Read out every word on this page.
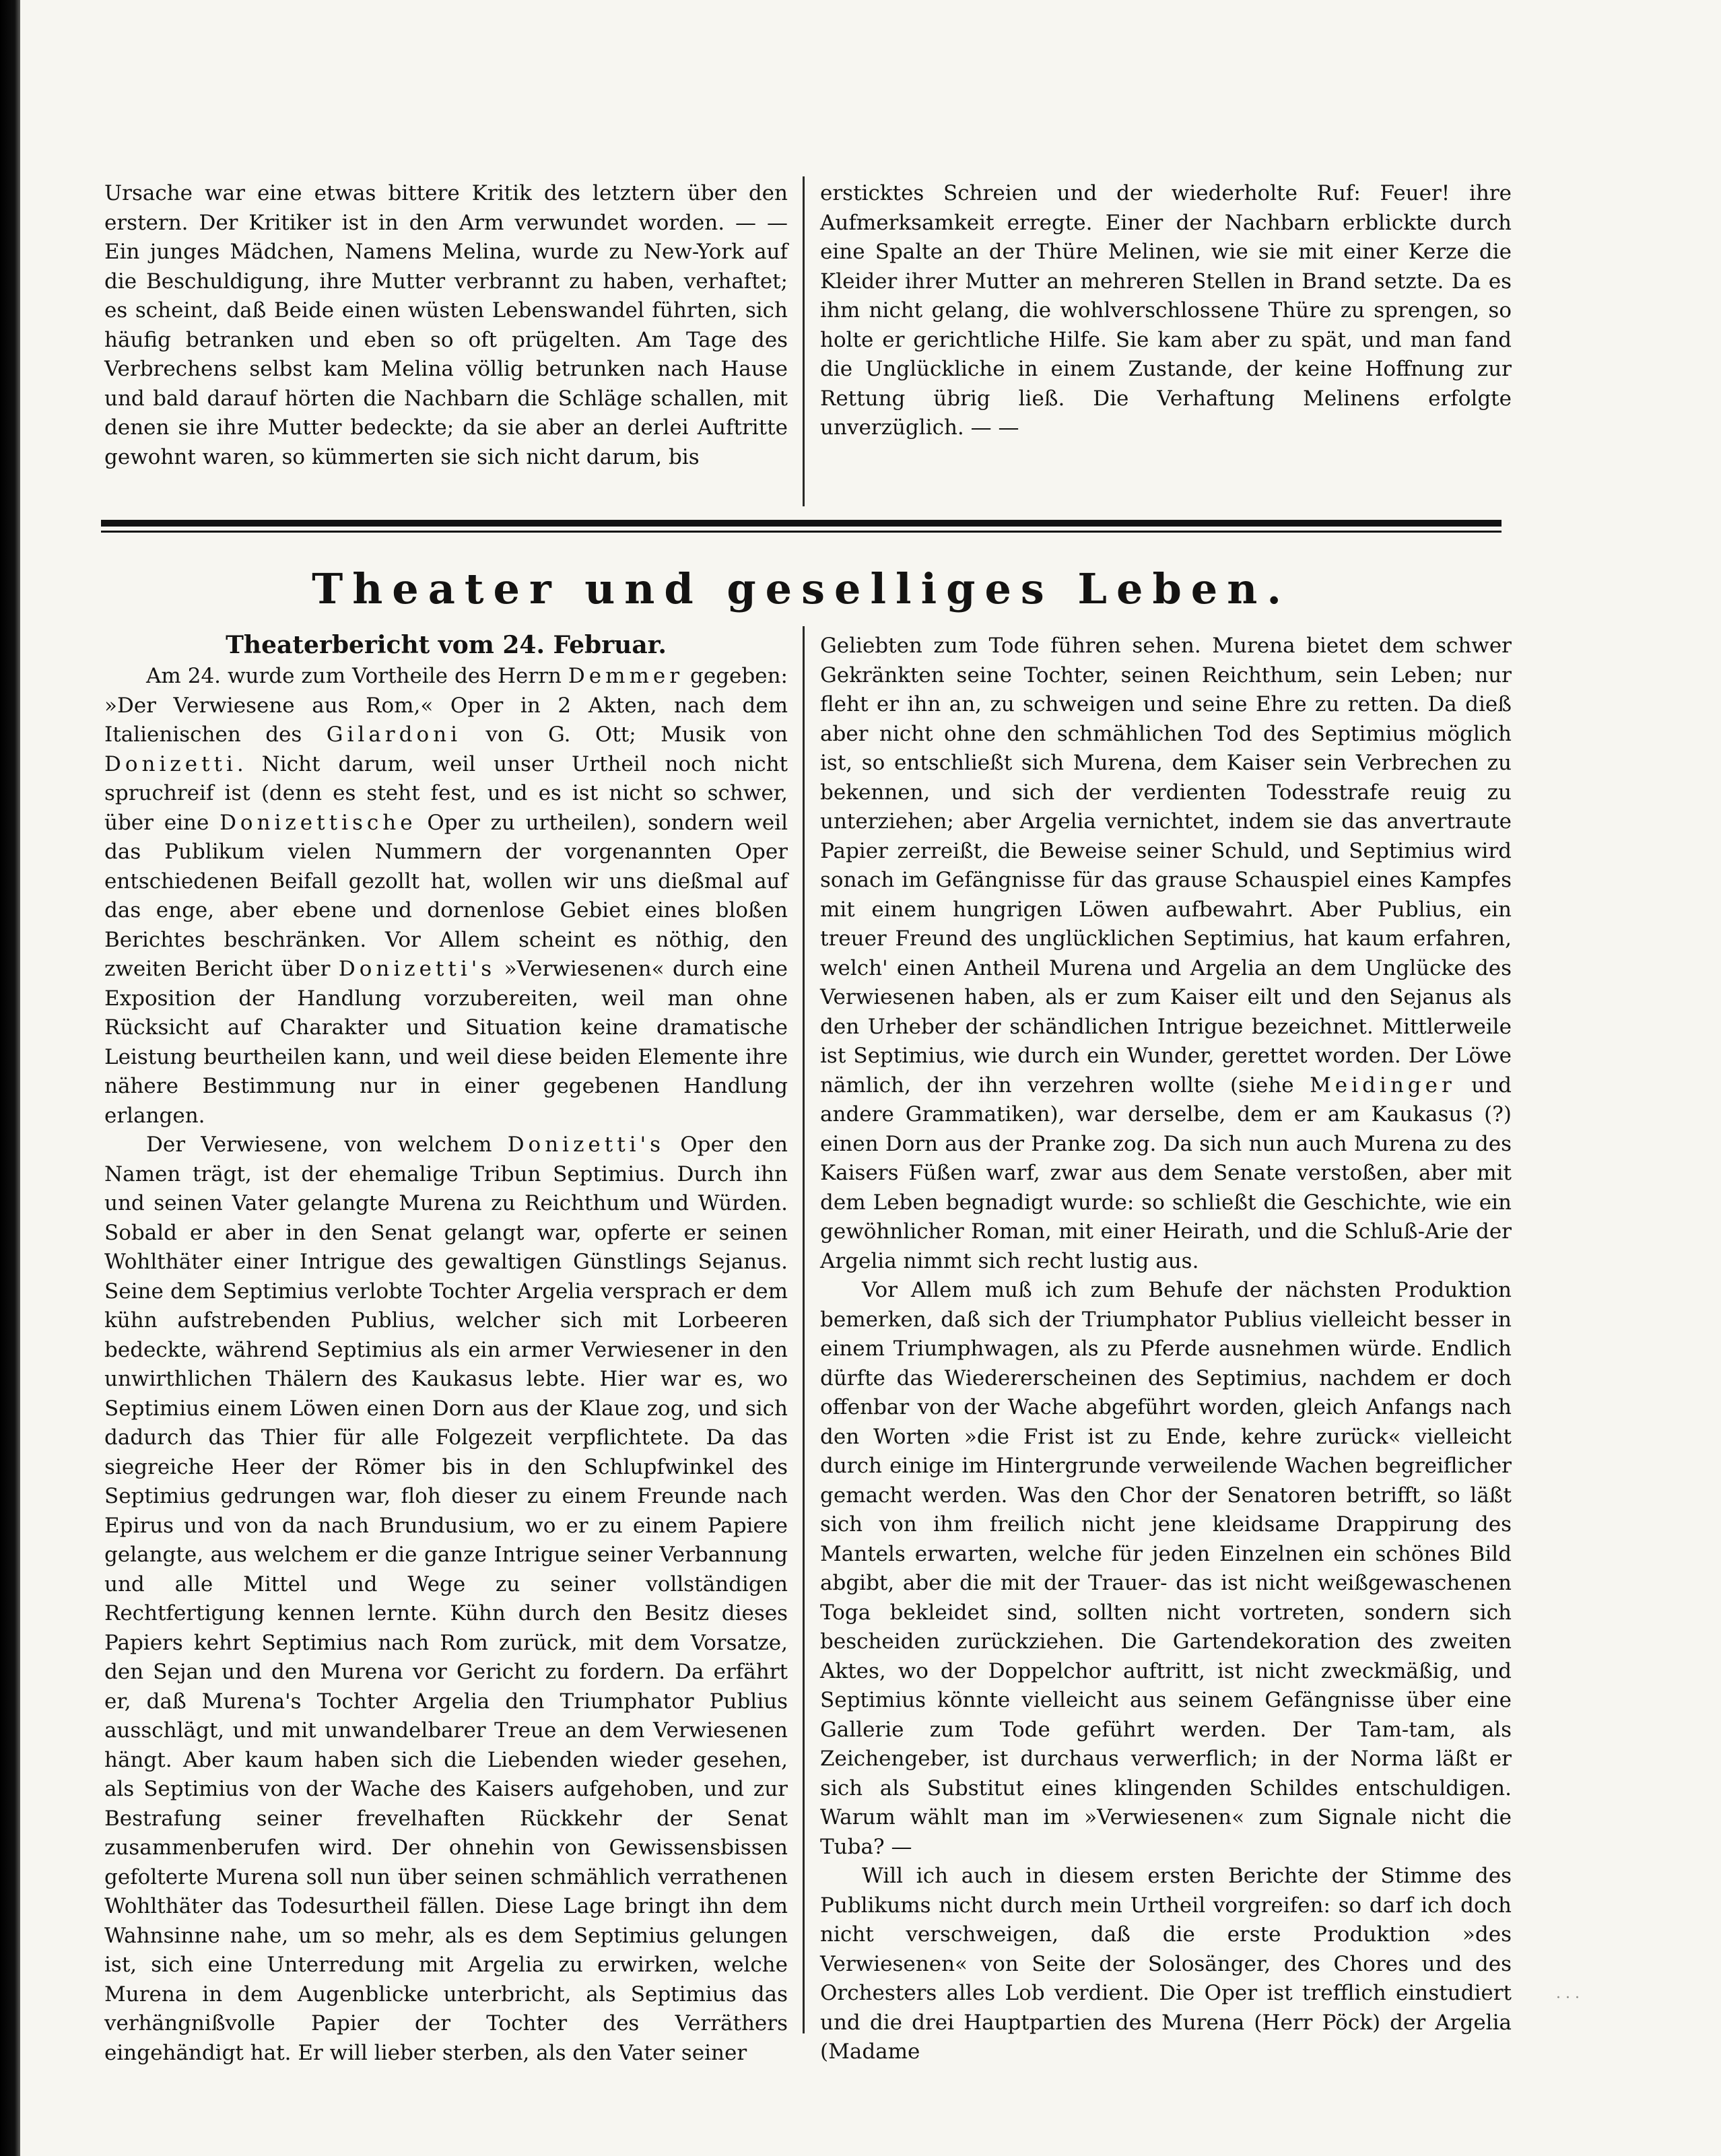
Ursache war eine etwas bittere Kritik des letztern über den erstern. Der Kritiker ist in den Arm verwundet worden. — — Ein junges Mädchen, Namens Melina, wurde zu New-York auf die Beschuldigung, ihre Mutter verbrannt zu haben, verhaftet; es scheint, daß Beide einen wüsten Lebenswandel führten, sich häufig betranken und eben so oft prügelten. Am Tage des Verbrechens selbst kam Melina völlig betrunken nach Hause und bald darauf hörten die Nachbarn die Schläge schallen, mit denen sie ihre Mutter bedeckte; da sie aber an derlei Auftritte gewohnt waren, so kümmerten sie sich nicht darum, bis

ersticktes Schreien und der wiederholte Ruf: Feuer! ihre Aufmerksamkeit erregte. Einer der Nachbarn erblickte durch eine Spalte an der Thüre Melinen, wie sie mit einer Kerze die Kleider ihrer Mutter an mehreren Stellen in Brand setzte. Da es ihm nicht gelang, die wohlverschlossene Thüre zu sprengen, so holte er gerichtliche Hilfe. Sie kam aber zu spät, und man fand die Unglückliche in einem Zustande, der keine Hoffnung zur Rettung übrig ließ. Die Verhaftung Melinens erfolgte unverzüglich. — —

Theater und geselliges Leben.
Theaterbericht vom 24. Februar.

Am 24. wurde zum Vortheile des Herrn Demmer gegeben: »Der Verwiesene aus Rom,« Oper in 2 Akten, nach dem Italienischen des Gilardoni von G. Ott; Musik von Donizetti. Nicht darum, weil unser Urtheil noch nicht spruchreif ist (denn es steht fest, und es ist nicht so schwer, über eine Donizettische Oper zu urtheilen), sondern weil das Publikum vielen Nummern der vorgenannten Oper entschiedenen Beifall gezollt hat, wollen wir uns dießmal auf das enge, aber ebene und dornenlose Gebiet eines bloßen Berichtes beschränken. Vor Allem scheint es nöthig, den zweiten Bericht über Donizetti's »Verwiesenen« durch eine Exposition der Handlung vorzubereiten, weil man ohne Rücksicht auf Charakter und Situation keine dramatische Leistung beurtheilen kann, und weil diese beiden Elemente ihre nähere Bestimmung nur in einer gegebenen Handlung erlangen.

Der Verwiesene, von welchem Donizetti's Oper den Namen trägt, ist der ehemalige Tribun Septimius. Durch ihn und seinen Vater gelangte Murena zu Reichthum und Würden. Sobald er aber in den Senat gelangt war, opferte er seinen Wohlthäter einer Intrigue des gewaltigen Günstlings Sejanus. Seine dem Septimius verlobte Tochter Argelia versprach er dem kühn aufstrebenden Publius, welcher sich mit Lorbeeren bedeckte, während Septimius als ein armer Verwiesener in den unwirthlichen Thälern des Kaukasus lebte. Hier war es, wo Septimius einem Löwen einen Dorn aus der Klaue zog, und sich dadurch das Thier für alle Folgezeit verpflichtete. Da das siegreiche Heer der Römer bis in den Schlupfwinkel des Septimius gedrungen war, floh dieser zu einem Freunde nach Epirus und von da nach Brundusium, wo er zu einem Papiere gelangte, aus welchem er die ganze Intrigue seiner Verbannung und alle Mittel und Wege zu seiner vollständigen Rechtfertigung kennen lernte. Kühn durch den Besitz dieses Papiers kehrt Septimius nach Rom zurück, mit dem Vorsatze, den Sejan und den Murena vor Gericht zu fordern. Da erfährt er, daß Murena's Tochter Argelia den Triumphator Publius ausschlägt, und mit unwandelbarer Treue an dem Verwiesenen hängt. Aber kaum haben sich die Liebenden wieder gesehen, als Septimius von der Wache des Kaisers aufgehoben, und zur Bestrafung seiner frevelhaften Rückkehr der Senat zusammenberufen wird. Der ohnehin von Gewissensbissen gefolterte Murena soll nun über seinen schmählich verrathenen Wohlthäter das Todesurtheil fällen. Diese Lage bringt ihn dem Wahnsinne nahe, um so mehr, als es dem Septimius gelungen ist, sich eine Unterredung mit Argelia zu erwirken, welche Murena in dem Augenblicke unterbricht, als Septimius das verhängnißvolle Papier der Tochter des Verräthers eingehändigt hat. Er will lieber sterben, als den Vater seiner

Geliebten zum Tode führen sehen. Murena bietet dem schwer Gekränkten seine Tochter, seinen Reichthum, sein Leben; nur fleht er ihn an, zu schweigen und seine Ehre zu retten. Da dieß aber nicht ohne den schmählichen Tod des Septimius möglich ist, so entschließt sich Murena, dem Kaiser sein Verbrechen zu bekennen, und sich der verdienten Todesstrafe reuig zu unterziehen; aber Argelia vernichtet, indem sie das anvertraute Papier zerreißt, die Beweise seiner Schuld, und Septimius wird sonach im Gefängnisse für das grause Schauspiel eines Kampfes mit einem hungrigen Löwen aufbewahrt. Aber Publius, ein treuer Freund des unglücklichen Septimius, hat kaum erfahren, welch' einen Antheil Murena und Argelia an dem Unglücke des Verwiesenen haben, als er zum Kaiser eilt und den Sejanus als den Urheber der schändlichen Intrigue bezeichnet. Mittlerweile ist Septimius, wie durch ein Wunder, gerettet worden. Der Löwe nämlich, der ihn verzehren wollte (siehe Meidinger und andere Grammatiken), war derselbe, dem er am Kaukasus (?) einen Dorn aus der Pranke zog. Da sich nun auch Murena zu des Kaisers Füßen warf, zwar aus dem Senate verstoßen, aber mit dem Leben begnadigt wurde: so schließt die Geschichte, wie ein gewöhnlicher Roman, mit einer Heirath, und die Schluß-Arie der Argelia nimmt sich recht lustig aus.

Vor Allem muß ich zum Behufe der nächsten Produktion bemerken, daß sich der Triumphator Publius vielleicht besser in einem Triumphwagen, als zu Pferde ausnehmen würde. Endlich dürfte das Wiedererscheinen des Septimius, nachdem er doch offenbar von der Wache abgeführt worden, gleich Anfangs nach den Worten »die Frist ist zu Ende, kehre zurück« vielleicht durch einige im Hintergrunde verweilende Wachen begreiflicher gemacht werden. Was den Chor der Senatoren betrifft, so läßt sich von ihm freilich nicht jene kleidsame Drappirung des Mantels erwarten, welche für jeden Einzelnen ein schönes Bild abgibt, aber die mit der Trauer- das ist nicht weißgewaschenen Toga bekleidet sind, sollten nicht vortreten, sondern sich bescheiden zurückziehen. Die Gartendekoration des zweiten Aktes, wo der Doppelchor auftritt, ist nicht zweckmäßig, und Septimius könnte vielleicht aus seinem Gefängnisse über eine Gallerie zum Tode geführt werden. Der Tam-tam, als Zeichengeber, ist durchaus verwerflich; in der Norma läßt er sich als Substitut eines klingenden Schildes entschuldigen. Warum wählt man im »Verwiesenen« zum Signale nicht die Tuba? —

Will ich auch in diesem ersten Berichte der Stimme des Publikums nicht durch mein Urtheil vorgreifen: so darf ich doch nicht verschweigen, daß die erste Produktion »des Verwiesenen« von Seite der Solosänger, des Chores und des Orchesters alles Lob verdient. Die Oper ist trefflich einstudiert und die drei Hauptpartien des Murena (Herr Pöck) der Argelia (Madame

· · ·
